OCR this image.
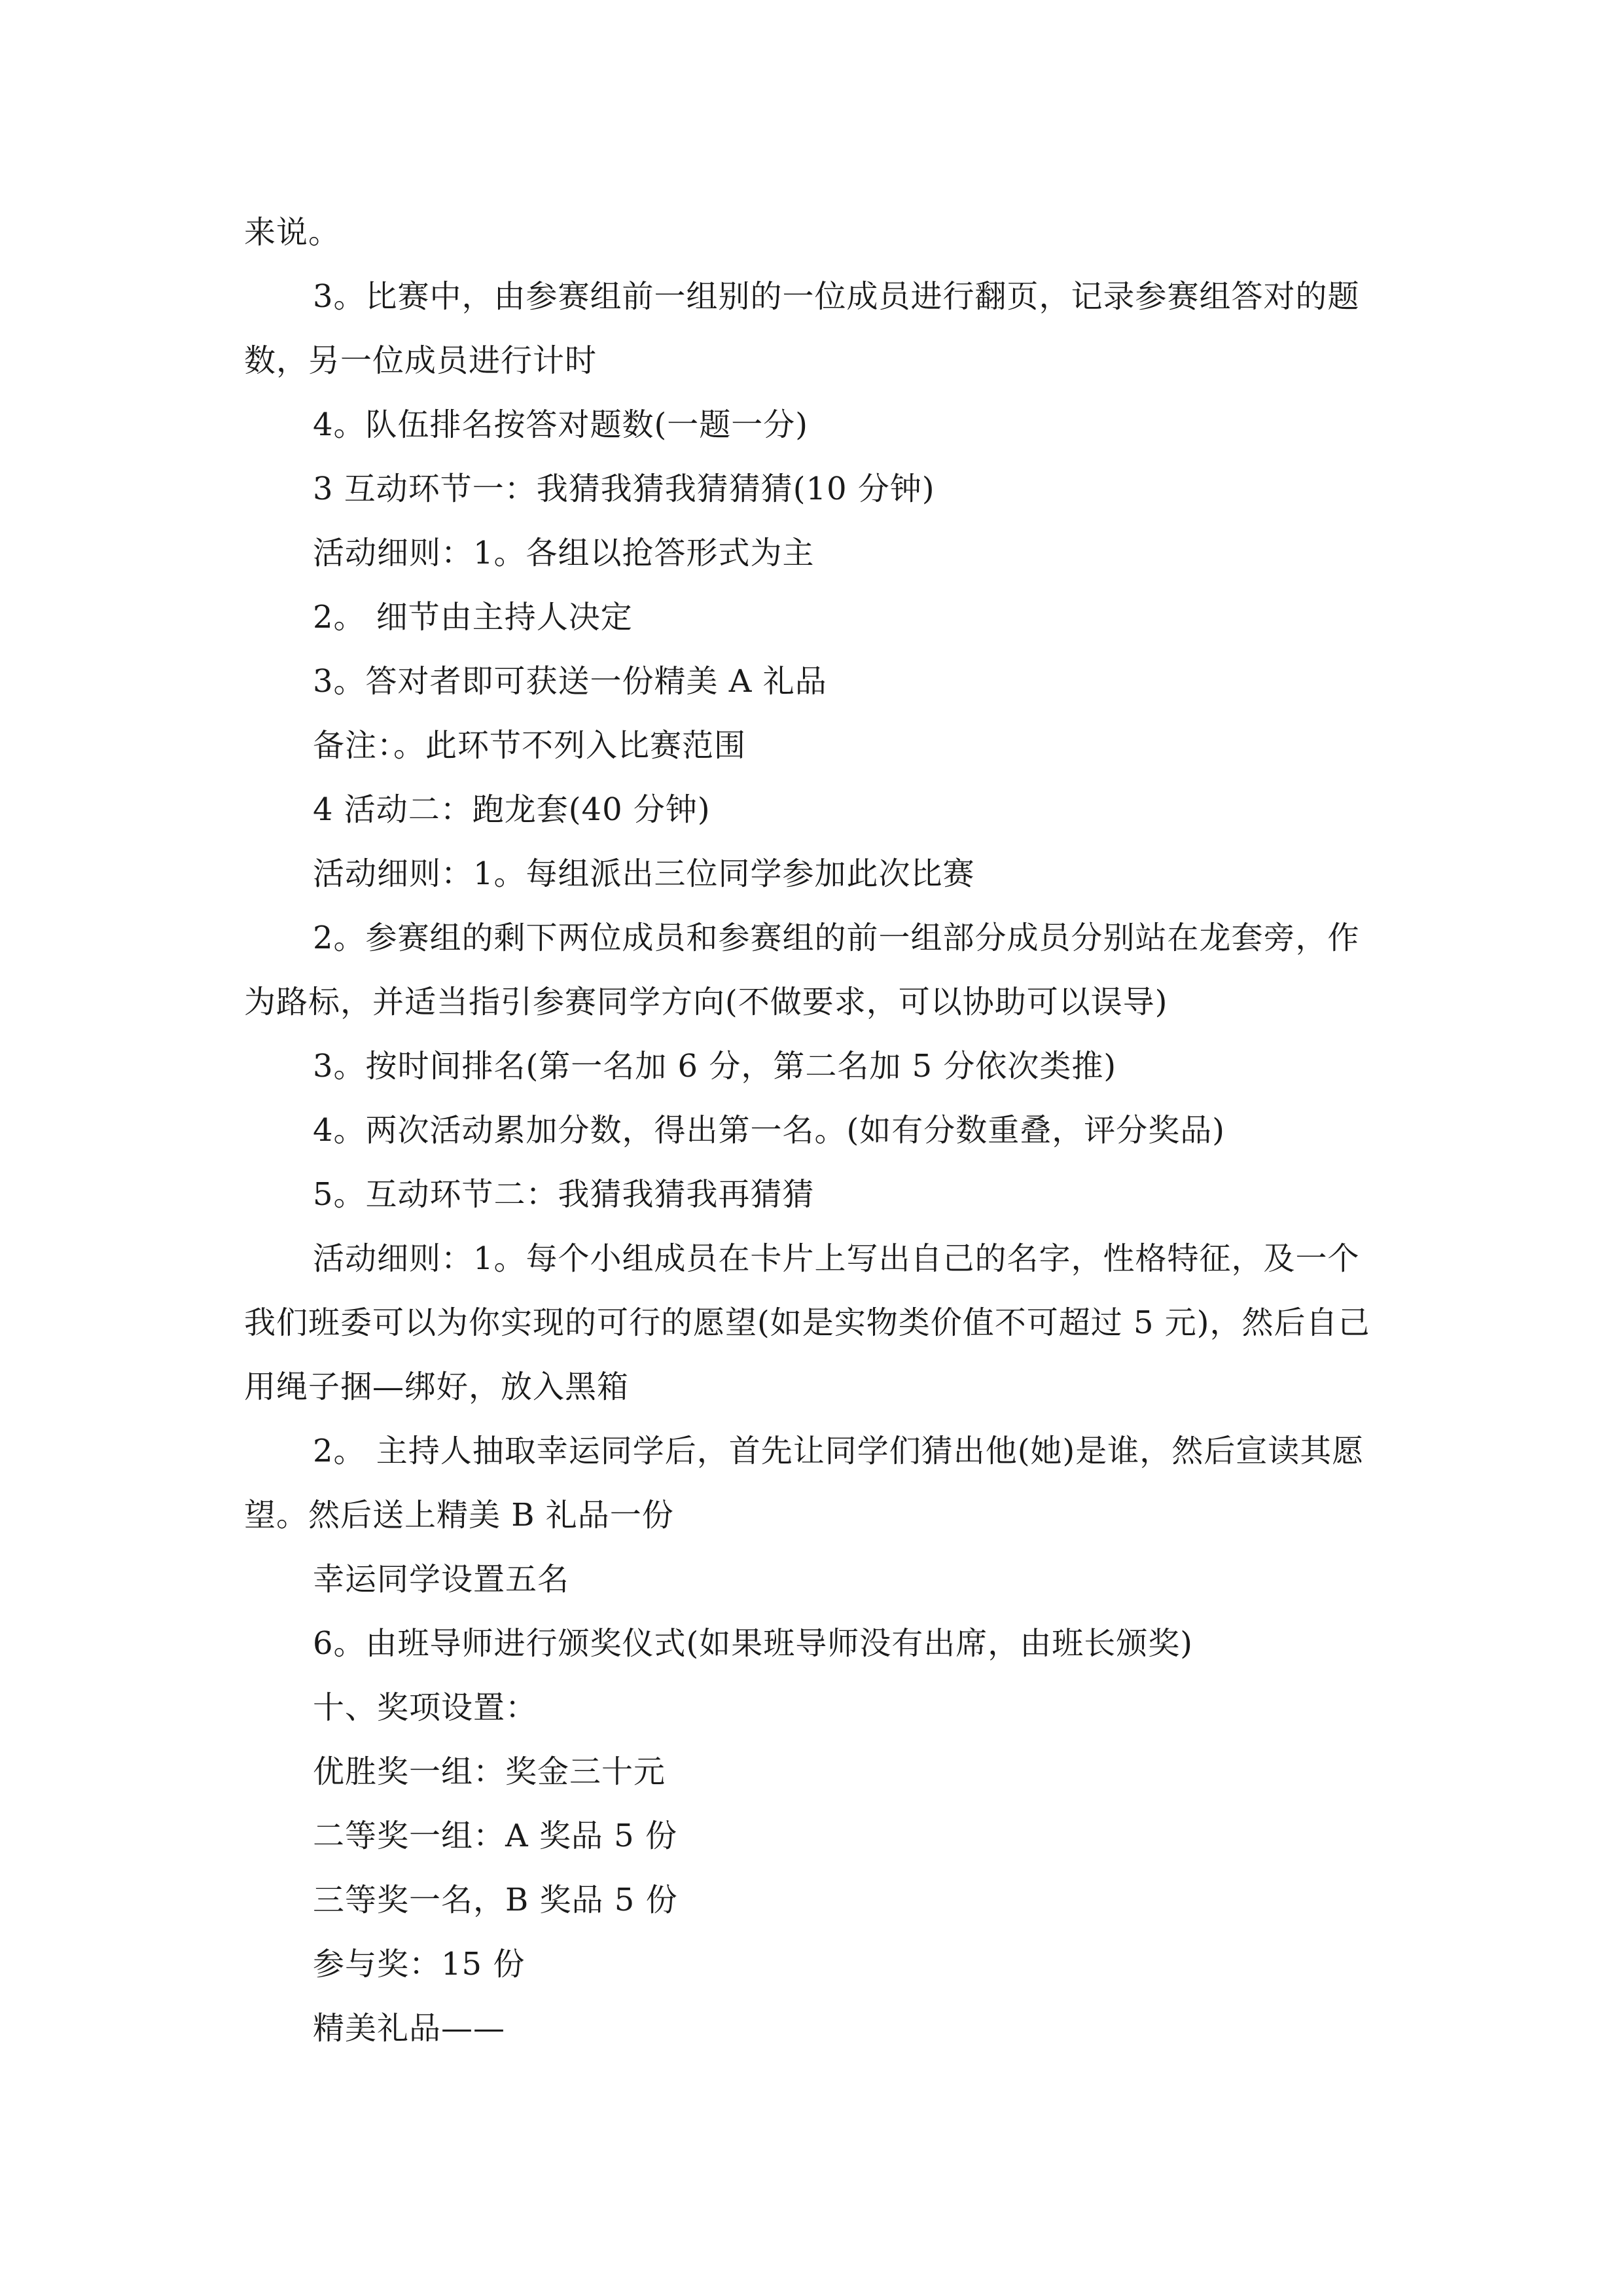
来说。
3。比赛中，由参赛组前一组别的一位成员进行翻页，记录参赛组答对的题
数，另一位成员进行计时
4。队伍排名按答对题数(一题一分)
3 互动环节一：我猜我猜我猜猜猜(10 分钟)
活动细则：1。各组以抢答形式为主
2。 细节由主持人决定
3。答对者即可获送一份精美 A 礼品
备注：。此环节不列入比赛范围
4 活动二：跑龙套(40 分钟)
活动细则：1。每组派出三位同学参加此次比赛
2。参赛组的剩下两位成员和参赛组的前一组部分成员分别站在龙套旁，作
为路标，并适当指引参赛同学方向(不做要求，可以协助可以误导)
3。按时间排名(第一名加 6 分，第二名加 5 分依次类推)
4。两次活动累加分数，得出第一名。(如有分数重叠，评分奖品)
5。互动环节二：我猜我猜我再猜猜
活动细则：1。每个小组成员在卡片上写出自己的名字，性格特征，及一个
我们班委可以为你实现的可行的愿望(如是实物类价值不可超过 5 元)，然后自己
用绳子捆—绑好，放入黑箱
2。 主持人抽取幸运同学后，首先让同学们猜出他(她)是谁，然后宣读其愿
望。然后送上精美 B 礼品一份
幸运同学设置五名
6。由班导师进行颁奖仪式(如果班导师没有出席，由班长颁奖)
十、奖项设置：
优胜奖一组：奖金三十元
二等奖一组：A 奖品 5 份
三等奖一名，B 奖品 5 份
参与奖：15 份
精美礼品——
